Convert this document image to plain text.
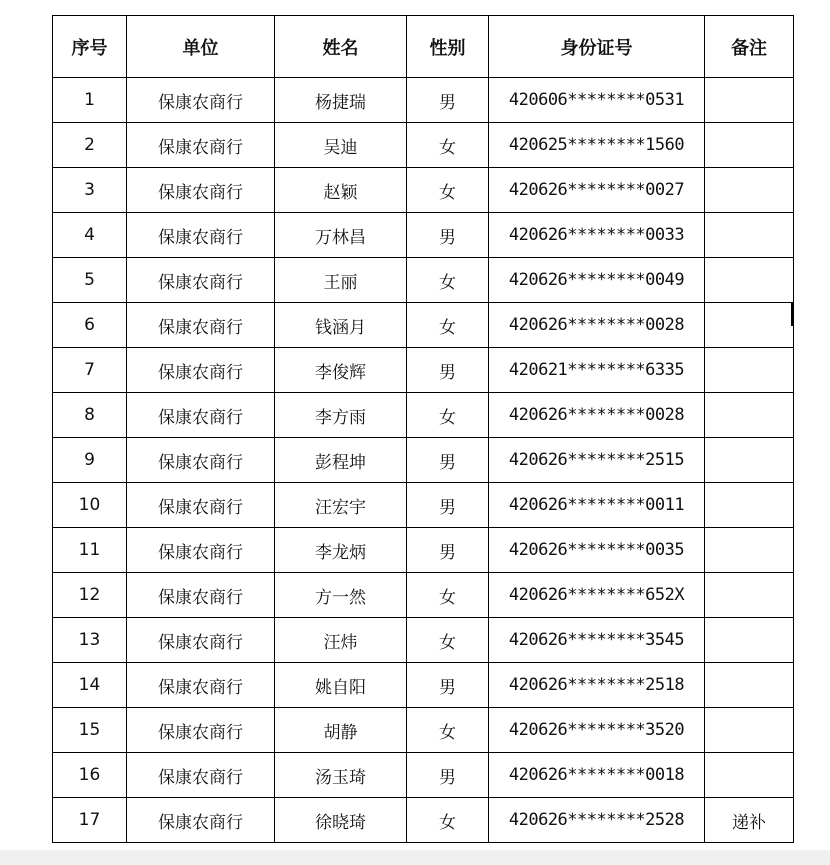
序号	单位	姓名	性别	身份证号	备注
1	保康农商行	杨捷瑞	男	420606********0531	
2	保康农商行	吴迪	女	420625********1560	
3	保康农商行	赵颖	女	420626********0027	
4	保康农商行	万林昌	男	420626********0033	
5	保康农商行	王丽	女	420626********0049	
6	保康农商行	钱涵月	女	420626********0028	
7	保康农商行	李俊辉	男	420621********6335	
8	保康农商行	李方雨	女	420626********0028	
9	保康农商行	彭程坤	男	420626********2515	
10	保康农商行	汪宏宇	男	420626********0011	
11	保康农商行	李龙炳	男	420626********0035	
12	保康农商行	方一然	女	420626********652X	
13	保康农商行	汪炜	女	420626********3545	
14	保康农商行	姚自阳	男	420626********2518	
15	保康农商行	胡静	女	420626********3520	
16	保康农商行	汤玉琦	男	420626********0018	
17	保康农商行	徐晓琦	女	420626********2528	递补
